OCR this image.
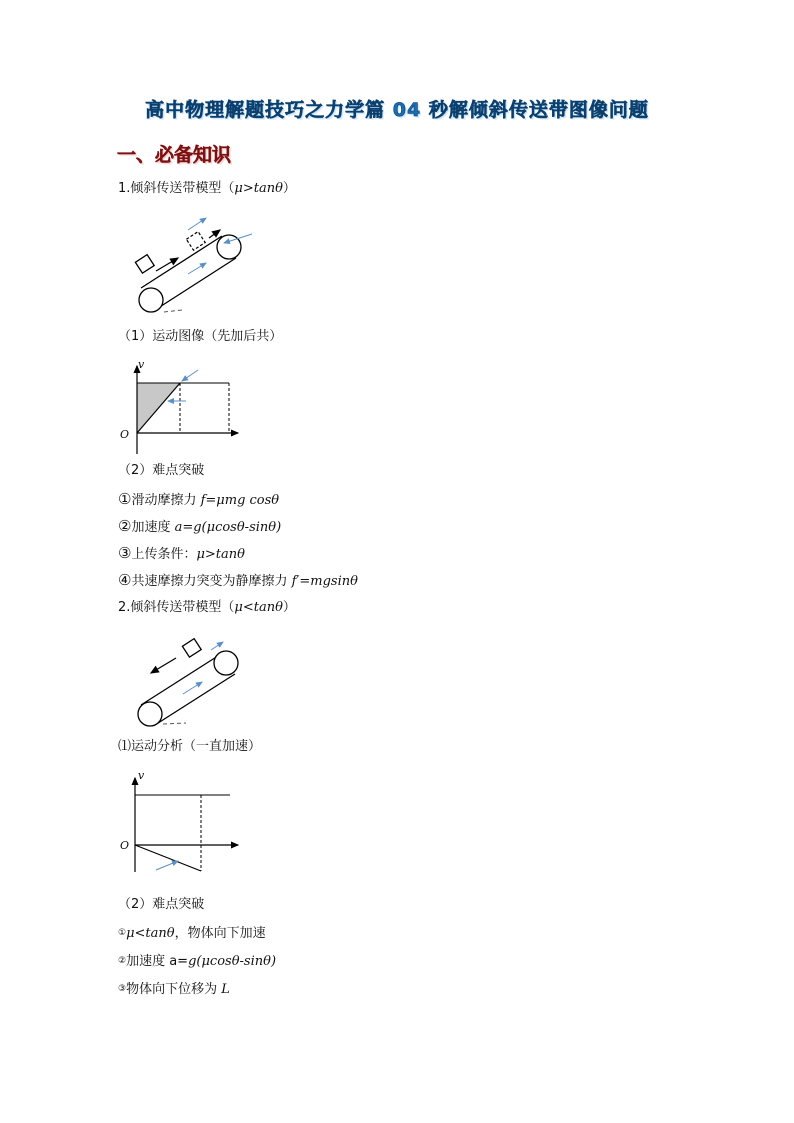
高中物理解题技巧之力学篇 04 秒解倾斜传送带图像问题
一、必备知识
1.倾斜传送带模型（μ>tanθ）
（1）运动图像（先加后共）
v
O
（2）难点突破
①滑动摩擦力 f=μmg cosθ
②加速度 a=g(μcosθ-sinθ)
③上传条件：μ>tanθ
④共速摩擦力突变为静摩擦力 f′=mgsinθ
2.倾斜传送带模型（μ<tanθ）
⑴运动分析（一直加速）
v
O
（2）难点突破
①μ<tanθ，物体向下加速
②加速度 a=g(μcosθ-sinθ)
③物体向下位移为 L
